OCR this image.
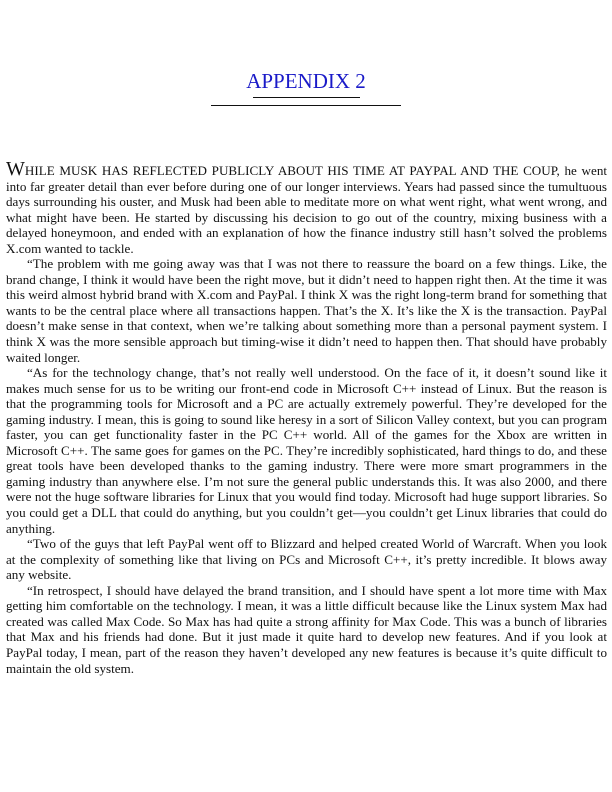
APPENDIX 2

WHILE MUSK HAS REFLECTED PUBLICLY ABOUT HIS TIME AT PAYPAL AND THE COUP, he went into far greater detail than ever before during one of our longer interviews. Years had passed since the tumultuous days surrounding his ouster, and Musk had been able to meditate more on what went right, what went wrong, and what might have been. He started by discussing his decision to go out of the country, mixing business with a delayed honeymoon, and ended with an explanation of how the finance industry still hasn’t solved the problems X.com wanted to tackle.

“The problem with me going away was that I was not there to reassure the board on a few things. Like, the brand change, I think it would have been the right move, but it didn’t need to happen right then. At the time it was this weird almost hybrid brand with X.com and PayPal. I think X was the right long-term brand for something that wants to be the central place where all transactions happen. That’s the X. It’s like the X is the transaction. PayPal doesn’t make sense in that context, when we’re talking about something more than a personal payment system. I think X was the more sensible approach but timing-wise it didn’t need to happen then. That should have probably waited longer.

“As for the technology change, that’s not really well understood. On the face of it, it doesn’t sound like it makes much sense for us to be writing our front-end code in Microsoft C++ instead of Linux. But the reason is that the programming tools for Microsoft and a PC are actually extremely powerful. They’re developed for the gaming industry. I mean, this is going to sound like heresy in a sort of Silicon Valley context, but you can program faster, you can get functionality faster in the PC C++ world. All of the games for the Xbox are written in Microsoft C++. The same goes for games on the PC. They’re incredibly sophisticated, hard things to do, and these great tools have been developed thanks to the gaming industry. There were more smart programmers in the gaming industry than anywhere else. I’m not sure the general public understands this. It was also 2000, and there were not the huge software libraries for Linux that you would find today. Microsoft had huge support libraries. So you could get a DLL that could do anything, but you couldn’t get—you couldn’t get Linux libraries that could do anything.

“Two of the guys that left PayPal went off to Blizzard and helped created World of Warcraft. When you look at the complexity of something like that living on PCs and Microsoft C++, it’s pretty incredible. It blows away any website.

“In retrospect, I should have delayed the brand transition, and I should have spent a lot more time with Max getting him comfortable on the technology. I mean, it was a little difficult because like the Linux system Max had created was called Max Code. So Max has had quite a strong affinity for Max Code. This was a bunch of libraries that Max and his friends had done. But it just made it quite hard to develop new features. And if you look at PayPal today, I mean, part of the reason they haven’t developed any new features is because it’s quite difficult to maintain the old system.
